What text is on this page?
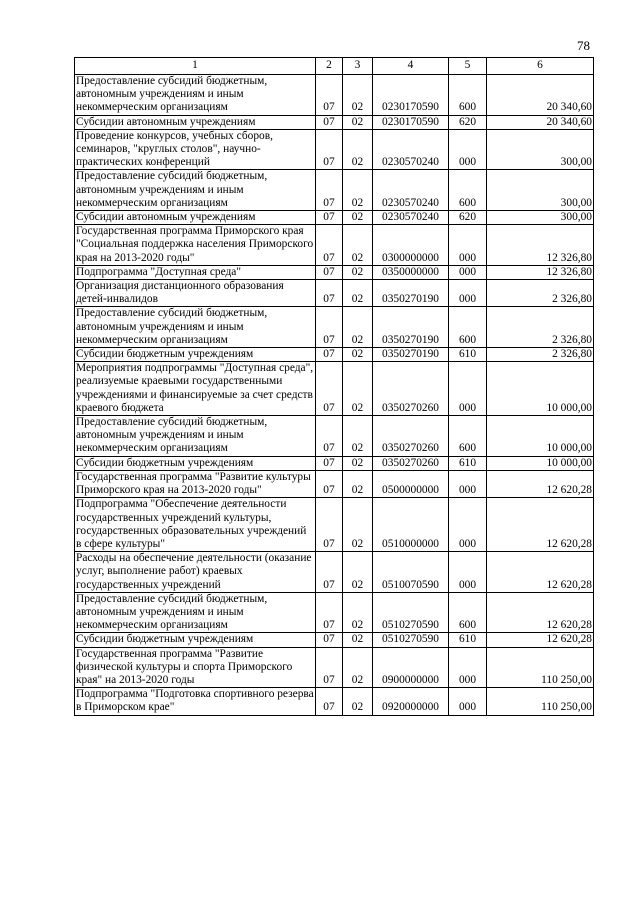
78
1	2	3	4	5	6
Предоставление субсидий бюджетным, автономным учреждениям и иным некоммерческим организациям	07	02	0230170590	600	20 340,60
Субсидии автономным учреждениям	07	02	0230170590	620	20 340,60
Проведение конкурсов, учебных сборов, семинаров, "круглых столов", научно-практических конференций	07	02	0230570240	000	300,00
Предоставление субсидий бюджетным, автономным учреждениям и иным некоммерческим организациям	07	02	0230570240	600	300,00
Субсидии автономным учреждениям	07	02	0230570240	620	300,00
Государственная программа Приморского края "Социальная поддержка населения Приморского края на 2013-2020 годы"	07	02	0300000000	000	12 326,80
Подпрограмма "Доступная среда"	07	02	0350000000	000	12 326,80
Организация дистанционного образования детей-инвалидов	07	02	0350270190	000	2 326,80
Предоставление субсидий бюджетным, автономным учреждениям и иным некоммерческим организациям	07	02	0350270190	600	2 326,80
Субсидии бюджетным учреждениям	07	02	0350270190	610	2 326,80
Мероприятия подпрограммы "Доступная среда", реализуемые краевыми государственными учреждениями и финансируемые за счет средств краевого бюджета	07	02	0350270260	000	10 000,00
Предоставление субсидий бюджетным, автономным учреждениям и иным некоммерческим организациям	07	02	0350270260	600	10 000,00
Субсидии бюджетным учреждениям	07	02	0350270260	610	10 000,00
Государственная программа "Развитие культуры Приморского края на 2013-2020 годы"	07	02	0500000000	000	12 620,28
Подпрограмма "Обеспечение деятельности государственных учреждений культуры, государственных образовательных учреждений в сфере культуры"	07	02	0510000000	000	12 620,28
Расходы на обеспечение деятельности (оказание услуг, выполнение работ) краевых государственных учреждений	07	02	0510070590	000	12 620,28
Предоставление субсидий бюджетным, автономным учреждениям и иным некоммерческим организациям	07	02	0510270590	600	12 620,28
Субсидии бюджетным учреждениям	07	02	0510270590	610	12 620,28
Государственная программа "Развитие физической культуры и спорта Приморского края" на 2013-2020 годы	07	02	0900000000	000	110 250,00
Подпрограмма "Подготовка спортивного резерва в Приморском крае"	07	02	0920000000	000	110 250,00
